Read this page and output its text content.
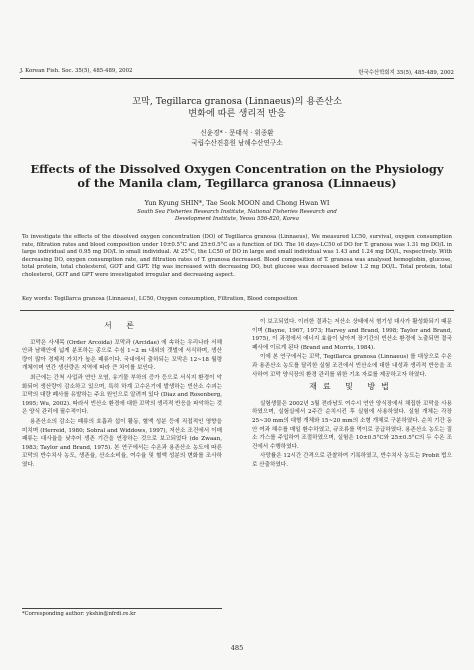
J. Korean Fish. Soc. 35(5), 485-489, 2002	한국수산학회지 35(5), 485-489, 2002
꼬막, Tegillarca granosa (Linnaeus)의 용존산소
변화에 따른 생리적 반응
신윤경* · 문태석 · 위종환
국립수산진흥원 남해수산연구소
Effects of the Dissolved Oxygen Concentration on the Physiology
of the Manila clam, Tegillarca granosa (Linnaeus)
Yun Kyung SHIN*, Tae Seok MOON and Chong Hwan WI
South Sea Fisheries Research Institute, National Fisheries Research and
Development Institute, Yeosu 556-820, Korea

To investigate the effects of the dissolved oxygen concentration (DO) of Tegillarca granosa (Linnaeus), We measured LC50, survival, oxygen consumption rate, filtration rates and blood composition under 10±0.5°C and 25±0.5°C as a function of DO. The 16 days-LC50 of DO for T. granosa was 1.31 mg DO/L in large individual and 0.95 mg DO/L in small individual. At 25°C, the LC50 of DO in large and small individual was 1.43 and 1.24 mg DO/L, respectively. With decreasing DO, oxygen consumption rate, and filtration rates of T. granosa decreased. Blood composition of T. granosa was analysed hemoglobin, glucose, total protein, total cholesterol, GOT and GPT. Hg was increased with decreasing DO, but glucose was decreased below 1.2 mg DO/L. Total protein, total cholesterol, GOT and GPT were investigated irregular and decreasing aspect.

Key words: Tegillarca granosa (Linnaeus), LC50, Oxygen consumption, Filtration, Blood composition

서 론

꼬막은 사새목 (Order Arcoida) 꼬막과 (Arcidae) 에 속하는 우리나라 서해안과 남해안에 넓게 분포하는 종으로 수심 1~2 m 내외의 갯벌에 서식하며, 생산량이 많아 경제적 가치가 높은 패류이다. 국내에서 출하되는 꼬막은 12~18 월령 개체이며 연간 생산량은 지역에 따라 큰 차이를 보인다.

최근에는 간척 사업과 연안 오염, 유기물 부하의 증가 등으로 서식지 환경이 악화되어 생산량이 감소하고 있으며, 특히 하계 고수온기에 발생하는 빈산소 수괴는 꼬막의 대량 폐사를 유발하는 주요 원인으로 알려져 있다 (Diaz and Rosenberg, 1995; Wu, 2002). 따라서 빈산소 환경에 대한 꼬막의 생리적 반응을 파악하는 것은 양식 관리에 필수적이다.

용존산소의 감소는 패류의 호흡과 섭이 활동, 혈액 성분 등에 직접적인 영향을 미치며 (Herreid, 1980; Sobral and Widdows, 1997), 저산소 조건에서 이매패류는 대사율을 낮추어 생존 기간을 연장하는 것으로 보고되었다 (de Zwaan, 1983; Taylor and Brand, 1975). 본 연구에서는 수온과 용존산소 농도에 따른 꼬막의 반수치사 농도, 생존율, 산소소비율, 여수율 및 혈액 성분의 변화를 조사하였다.

이 보고되었다. 이러한 결과는 저산소 상태에서 혐기성 대사가 활성화되기 때문이며 (Bayne, 1967, 1973; Harvey and Brand, 1998; Taylor and Brand, 1975), 이 과정에서 에너지 효율이 낮아져 장기간의 빈산소 환경에 노출되면 결국 폐사에 이르게 된다 (Brand and Morris, 1984).

이에 본 연구에서는 꼬막, Tegillarca granosa (Linnaeus) 를 대상으로 수온과 용존산소 농도를 달리한 실험 조건에서 빈산소에 대한 내성과 생리적 반응을 조사하여 꼬막 양식장의 환경 관리를 위한 기초 자료를 제공하고자 하였다.

재료 및 방법

실험생물은 2002년 3월 전라남도 여수시 연안 양식장에서 채집한 꼬막을 사용하였으며, 실험실에서 2주간 순치시킨 후 실험에 사용하였다. 실험 개체는 각장 25~30 mm의 대형 개체와 15~20 mm의 소형 개체로 구분하였다. 순치 기간 동안 여과 해수를 매일 환수하였고, 규조류를 먹이로 공급하였다. 용존산소 농도는 질소 가스를 주입하여 조절하였으며, 실험은 10±0.5°C와 25±0.5°C의 두 수온 조건에서 수행하였다.

사망률은 12시간 간격으로 관찰하여 기록하였고, 반수치사 농도는 Probit 법으로 산출하였다.

*Corresponding author: ykshin@nfrdi.re.kr
485
